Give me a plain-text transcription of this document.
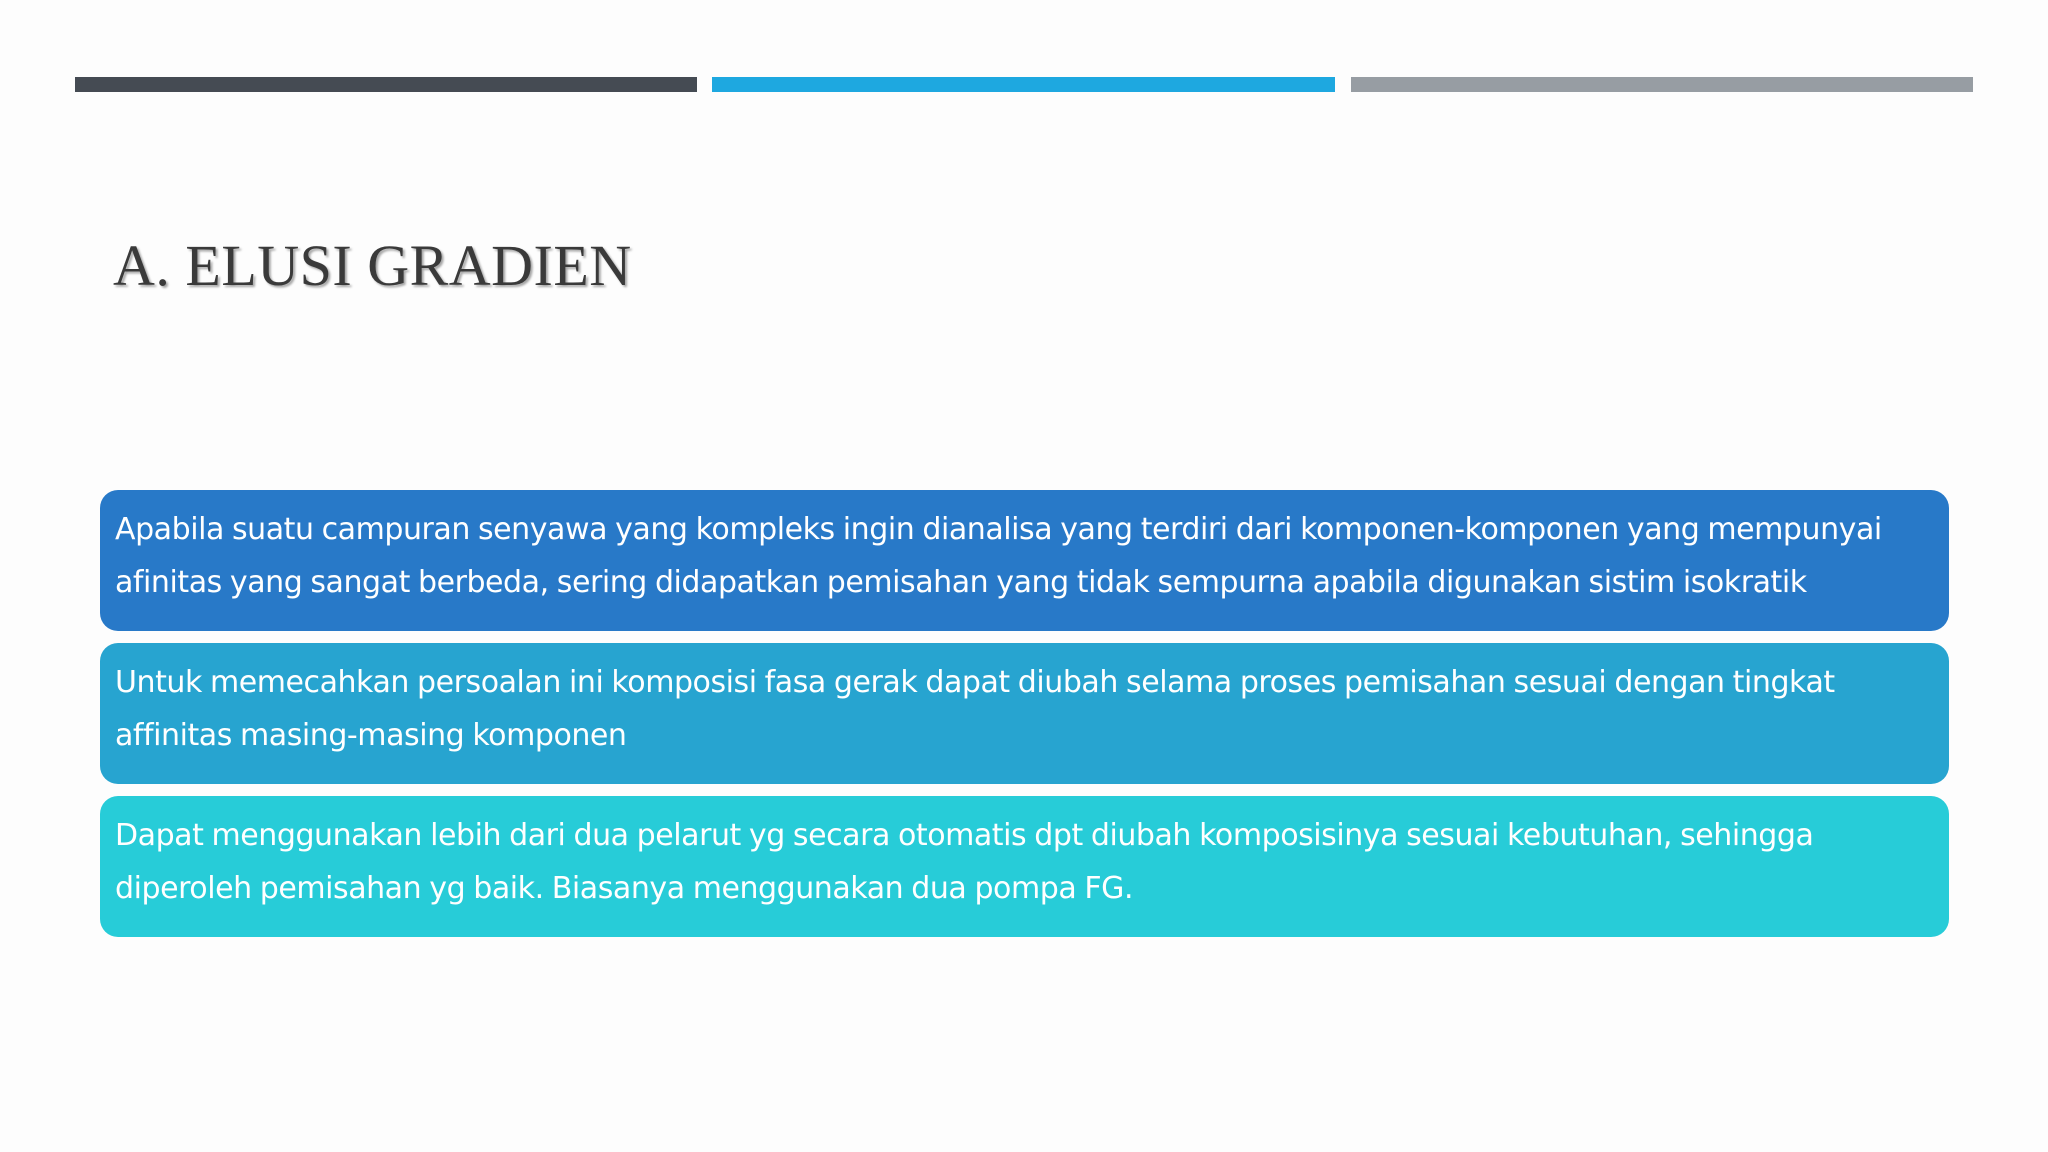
A. ELUSI GRADIEN
Apabila suatu campuran senyawa yang kompleks ingin dianalisa yang terdiri dari komponen-komponen yang mempunyai afinitas yang sangat berbeda, sering didapatkan pemisahan yang tidak sempurna apabila digunakan sistim isokratik
Untuk memecahkan persoalan ini komposisi fasa gerak dapat diubah selama proses pemisahan sesuai dengan tingkat affinitas masing-masing komponen
Dapat menggunakan lebih dari dua pelarut yg secara otomatis dpt diubah komposisinya sesuai kebutuhan, sehingga diperoleh pemisahan yg baik. Biasanya menggunakan dua pompa FG.
